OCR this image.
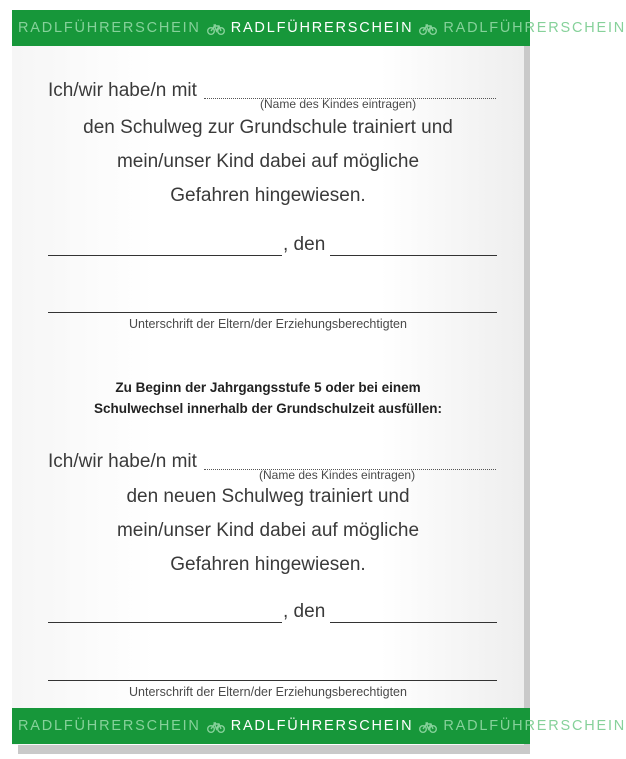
RADLFÜHRERSCHEIN RADLFÜHRERSCHEIN RADLFÜHRERSCHEIN
Ich/wir habe/n mit
(Name des Kindes eintragen)
den Schulweg zur Grundschule trainiert und
mein/unser Kind dabei auf mögliche
Gefahren hingewiesen.
, den
Unterschrift der Eltern/der Erziehungsberechtigten
Zu Beginn der Jahrgangsstufe 5 oder bei einem
Schulwechsel innerhalb der Grundschulzeit ausfüllen:
Ich/wir habe/n mit
(Name des Kindes eintragen)
den neuen Schulweg trainiert und
mein/unser Kind dabei auf mögliche
Gefahren hingewiesen.
, den
Unterschrift der Eltern/der Erziehungsberechtigten
RADLFÜHRERSCHEIN RADLFÜHRERSCHEIN RADLFÜHRERSCHEIN
